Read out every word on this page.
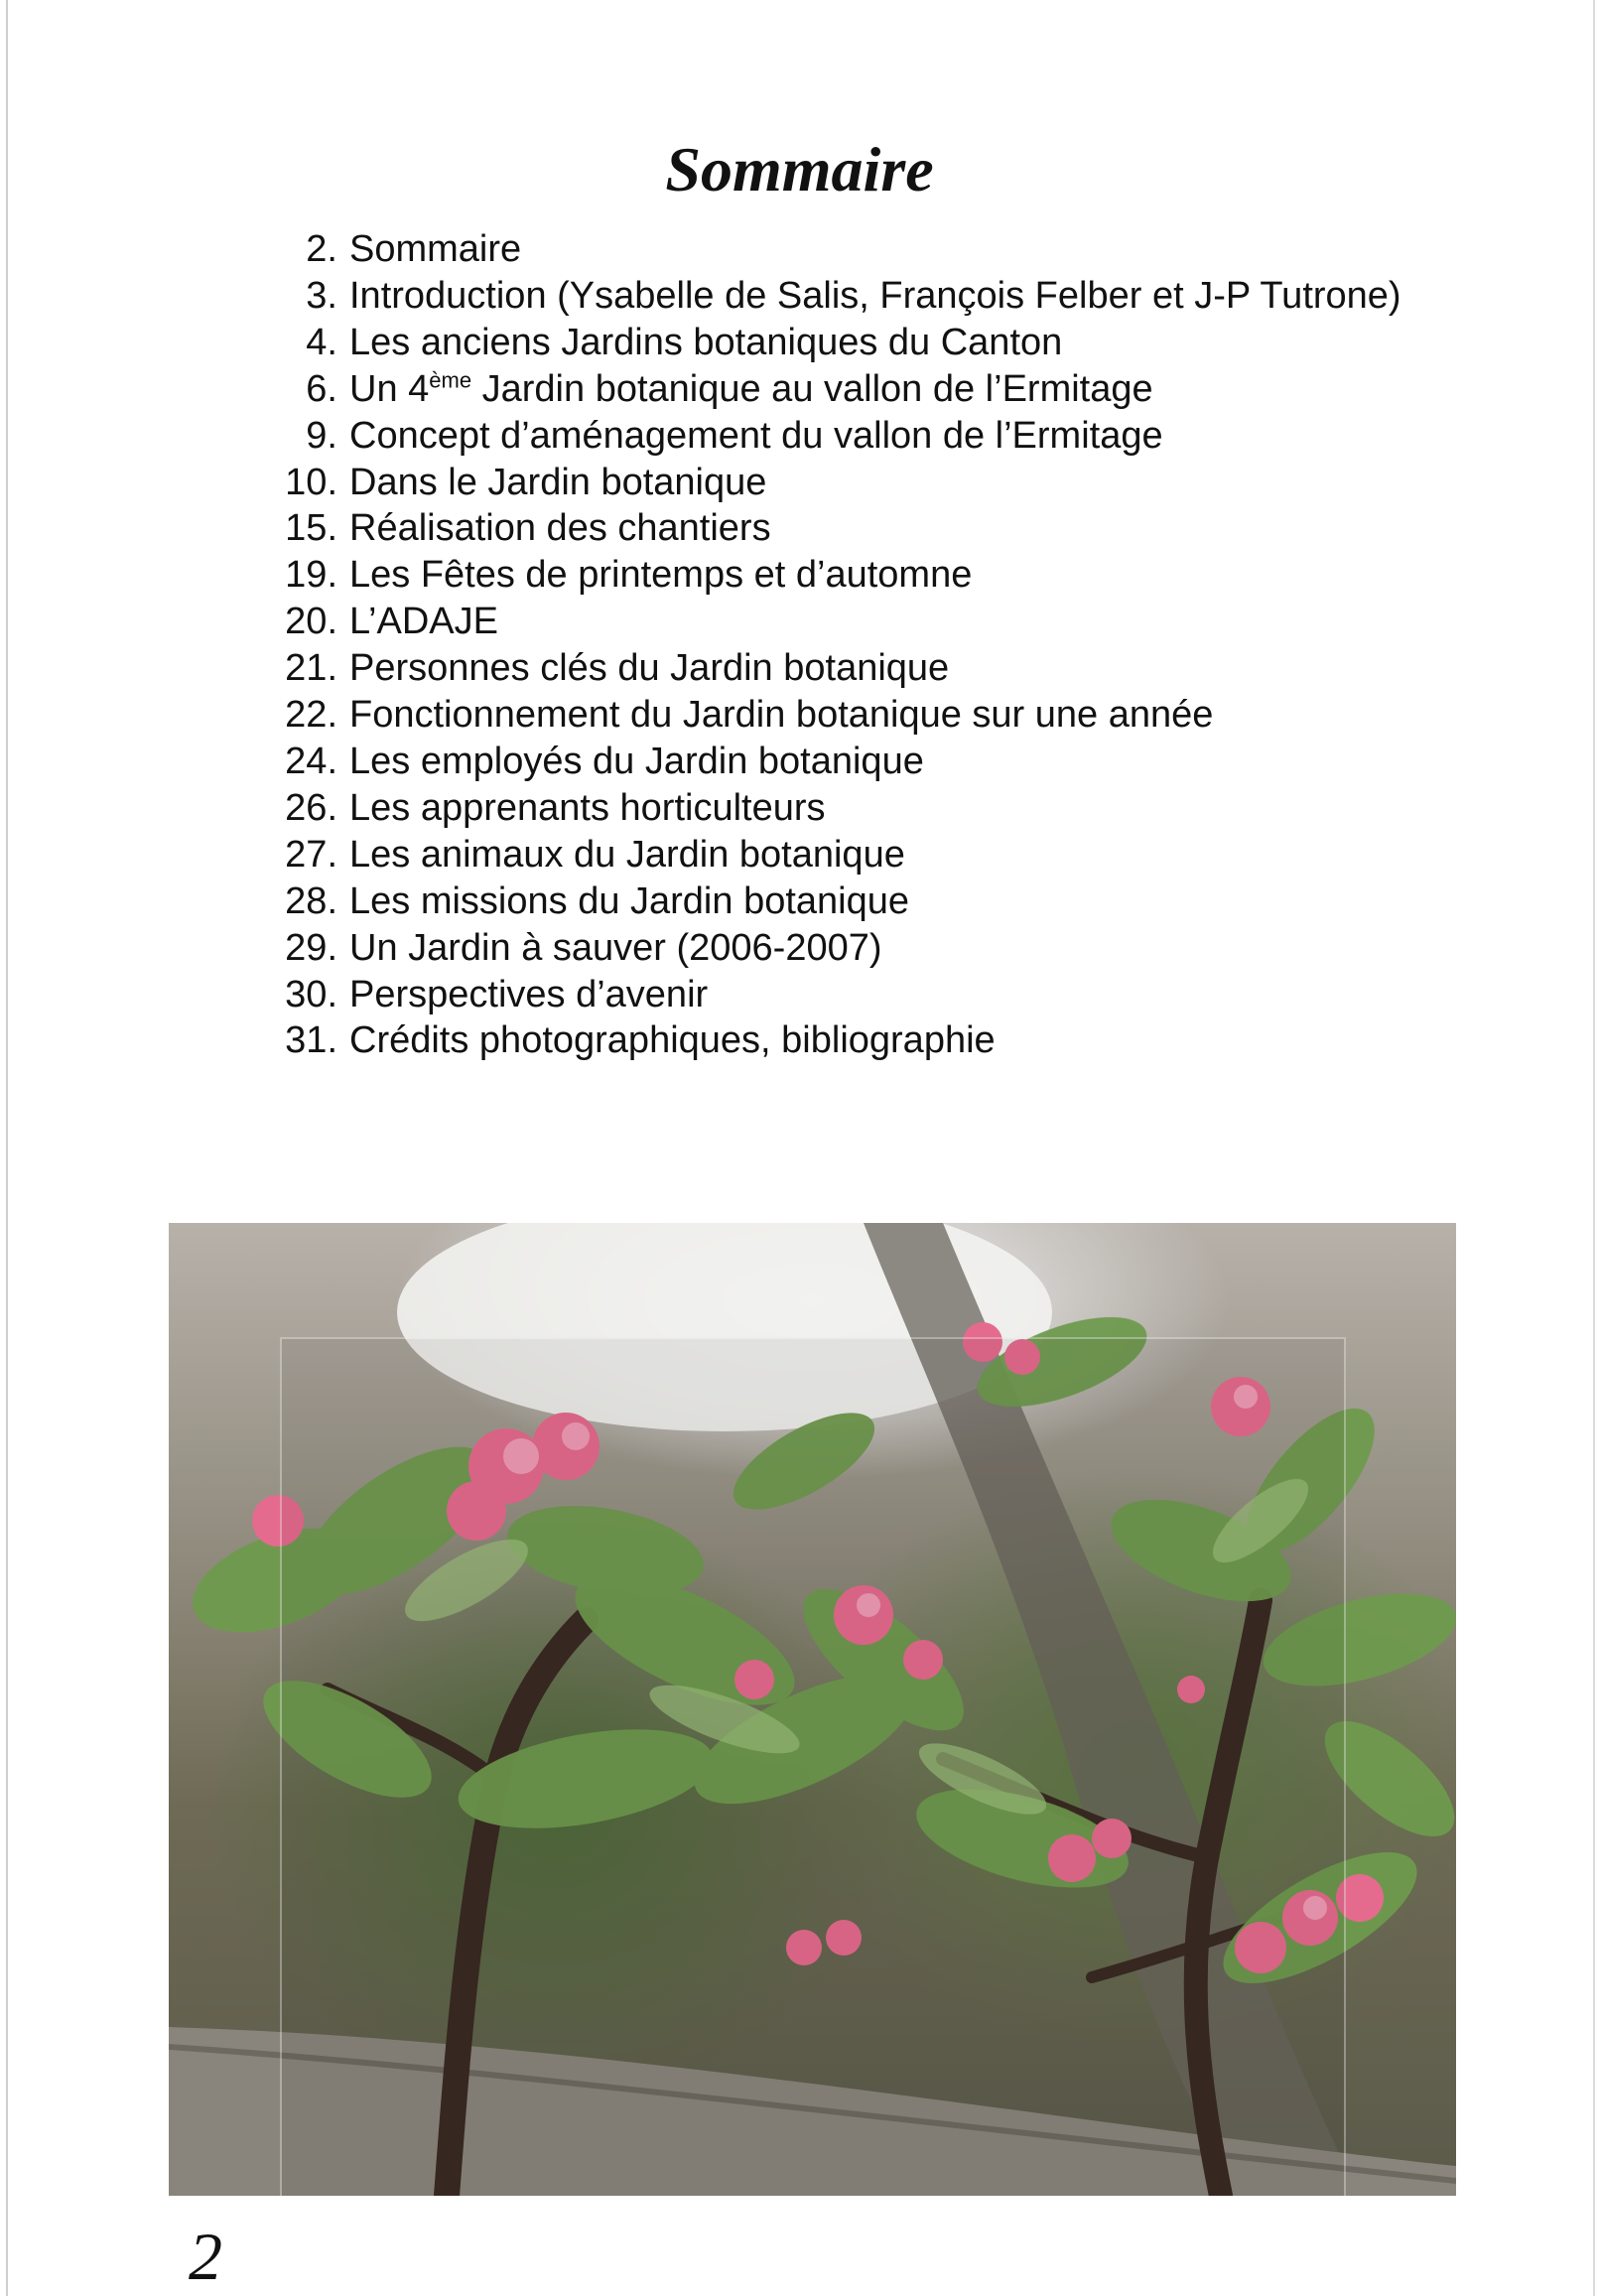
Sommaire
2. Sommaire
3. Introduction (Ysabelle de Salis, François Felber et J-P Tutrone)
4. Les anciens Jardins botaniques du Canton
6. Un 4ème Jardin botanique au vallon de l’Ermitage
9. Concept d’aménagement du vallon de l’Ermitage
10. Dans le Jardin botanique
15. Réalisation des chantiers
19. Les Fêtes de printemps et d’automne
20. L’ADAJE
21. Personnes clés du Jardin botanique
22. Fonctionnement du Jardin botanique sur une année
24. Les employés du Jardin botanique
26. Les apprenants horticulteurs
27. Les animaux du Jardin botanique
28. Les missions du Jardin botanique
29. Un Jardin à sauver (2006-2007)
30. Perspectives d’avenir
31. Crédits photographiques, bibliographie
2
